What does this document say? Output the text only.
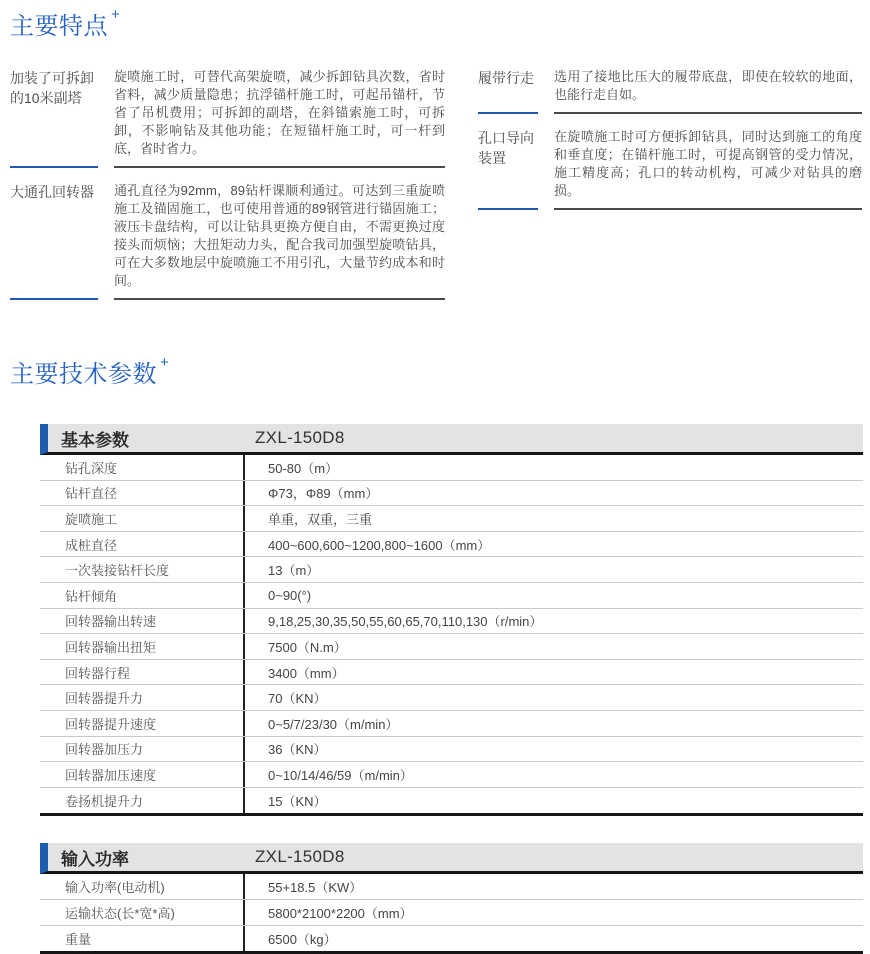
主要特点 +
加装了可拆卸的10米副塔
旋喷施工时，可替代高架旋喷，减少拆卸钻具次数，省时省料，减少质量隐患；抗浮锚杆施工时，可起吊锚杆，节省了吊机费用；可拆卸的副塔，在斜锚索施工时，可拆卸，不影响钻及其他功能；在短锚杆施工时，可一杆到底，省时省力。
大通孔回转器	通孔直径为92mm，89钻杆课顺利通过。可达到三重旋喷施工及锚固施工，也可使用普通的89钢管进行锚固施工；液压卡盘结构，可以让钻具更换方便自由，不需更换过度接头而烦恼；大扭矩动力头，配合我司加强型旋喷钻具，可在大多数地层中旋喷施工不用引孔，大量节约成本和时间。
履带行走	选用了接地比压大的履带底盘，即使在较软的地面，也能行走自如。
孔口导向装置
在旋喷施工时可方便拆卸钻具，同时达到施工的角度和垂直度；在锚杆施工时，可提高钢管的受力情况，施工精度高；孔口的转动机构，可减少对钻具的磨损。
主要技术参数 +
基本参数	ZXL-150D8
钻孔深度	50-80（m）
钻杆直径	Φ73，Φ89（mm）
旋喷施工	单重，双重，三重
成桩直径	400~600,600~1200,800~1600（mm）
一次装接钻杆长度	13（m）
钻杆倾角	0~90(°)
回转器输出转速	9,18,25,30,35,50,55,60,65,70,110,130（r/min）
回转器输出扭矩	7500（N.m）
回转器行程	3400（mm）
回转器提升力	70（KN）
回转器提升速度	0~5/7/23/30（m/min）
回转器加压力	36（KN）
回转器加压速度	0~10/14/46/59（m/min）
卷扬机提升力	15（KN）
输入功率	ZXL-150D8
输入功率(电动机)	55+18.5（KW）
运输状态(长*宽*高)	5800*2100*2200（mm）
重量	6500（kg）
